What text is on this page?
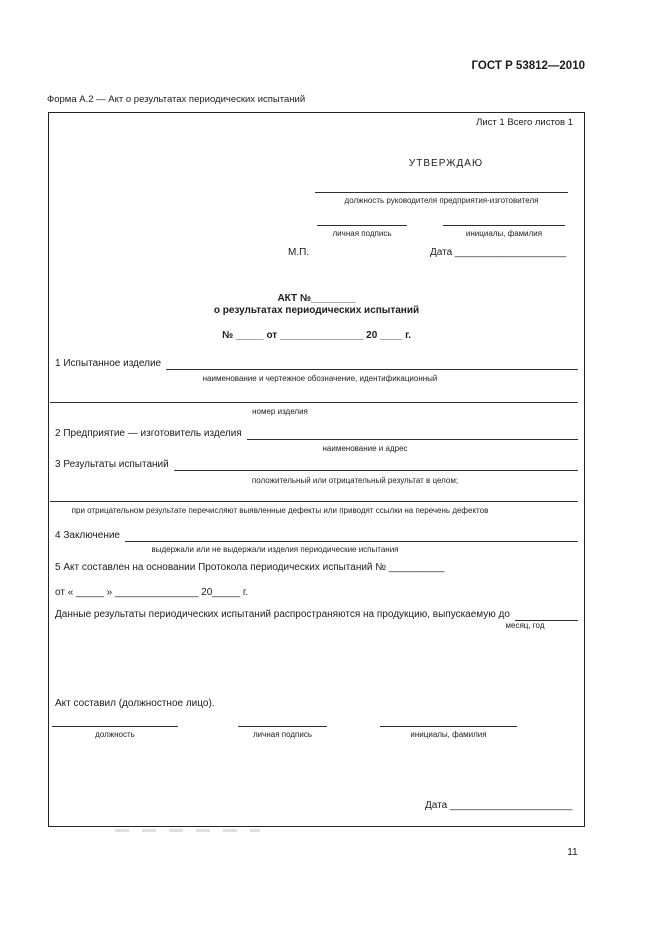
ГОСТ Р 53812—2010
Форма А.2 — Акт о результатах периодических испытаний
Лист 1 Всего листов 1
УТВЕРЖДАЮ
должность руководителя предприятия-изготовителя
личная подпись	инициалы, фамилия
М.П.	Дата ____________________
АКТ №________
о результатах периодических испытаний
№ _____ от _______________ 20 ____ г.
1 Испытанное изделие
наименование и чертежное обозначение, идентификационный
номер изделия
2 Предприятие — изготовитель изделия
наименование и адрес
3 Результаты испытаний
положительный или отрицательный результат в целом;
при отрицательном результате перечисляют выявленные дефекты или приводят ссылки на перечень дефектов
4 Заключение
выдержали или не выдержали изделия периодические испытания
5 Акт составлен на основании Протокола периодических испытаний № __________
от « _____ » _______________ 20_____ г.
Данные результаты периодических испытаний распространяются на продукцию, выпускаемую до
месяц, год
Акт составил (должностное лицо).
должность	личная подпись	инициалы, фамилия
Дата ______________________
11
